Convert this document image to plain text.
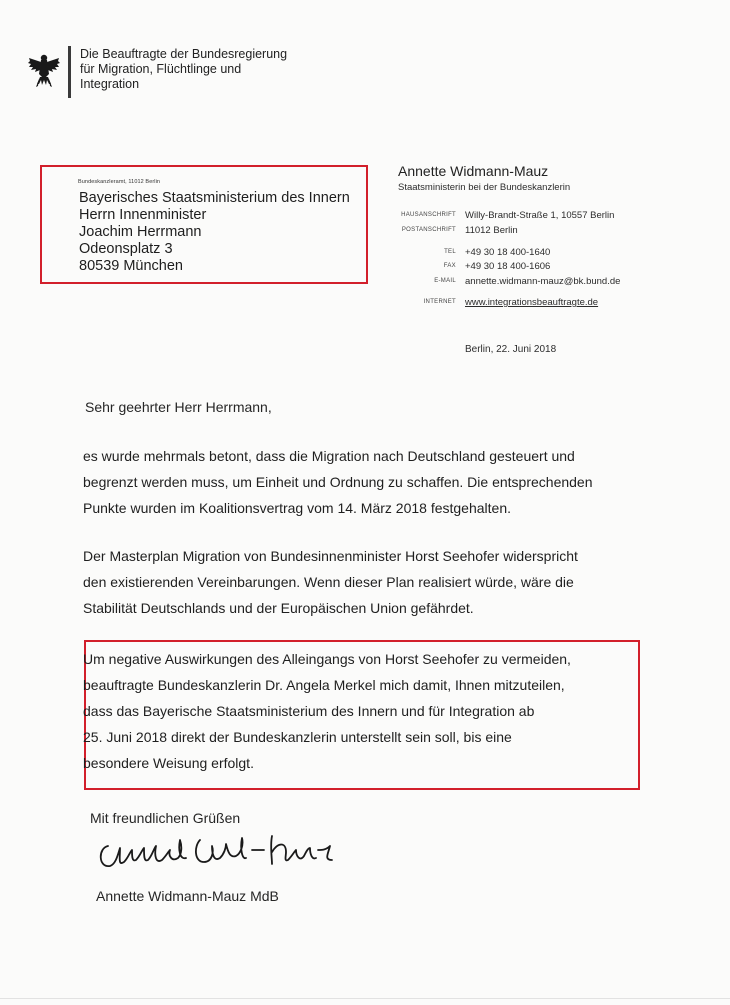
Die Beauftragte der Bundesregierung
für Migration, Flüchtlinge und
Integration
Bundeskanzleramt, 11012 Berlin
Bayerisches Staatsministerium des Innern
Herrn Innenminister
Joachim Herrmann
Odeonsplatz 3
80539 München
Annette Widmann-Mauz
Staatsministerin bei der Bundeskanzlerin
HAUSANSCHRIFT Willy-Brandt-Straße 1, 10557 Berlin
POSTANSCHRIFT 11012 Berlin
TEL +49 30 18 400-1640
FAX +49 30 18 400-1606
E-MAIL annette.widmann-mauz@bk.bund.de
INTERNET www.integrationsbeauftragte.de
Berlin, 22. Juni 2018
Sehr geehrter Herr Herrmann,
es wurde mehrmals betont, dass die Migration nach Deutschland gesteuert und
begrenzt werden muss, um Einheit und Ordnung zu schaffen. Die entsprechenden
Punkte wurden im Koalitionsvertrag vom 14. März 2018 festgehalten.
Der Masterplan Migration von Bundesinnenminister Horst Seehofer widerspricht
den existierenden Vereinbarungen. Wenn dieser Plan realisiert würde, wäre die
Stabilität Deutschlands und der Europäischen Union gefährdet.
Um negative Auswirkungen des Alleingangs von Horst Seehofer zu vermeiden,
beauftragte Bundeskanzlerin Dr. Angela Merkel mich damit, Ihnen mitzuteilen,
dass das Bayerische Staatsministerium des Innern und für Integration ab
25. Juni 2018 direkt der Bundeskanzlerin unterstellt sein soll, bis eine
besondere Weisung erfolgt.
Mit freundlichen Grüßen
Annette Widmann-Mauz MdB
